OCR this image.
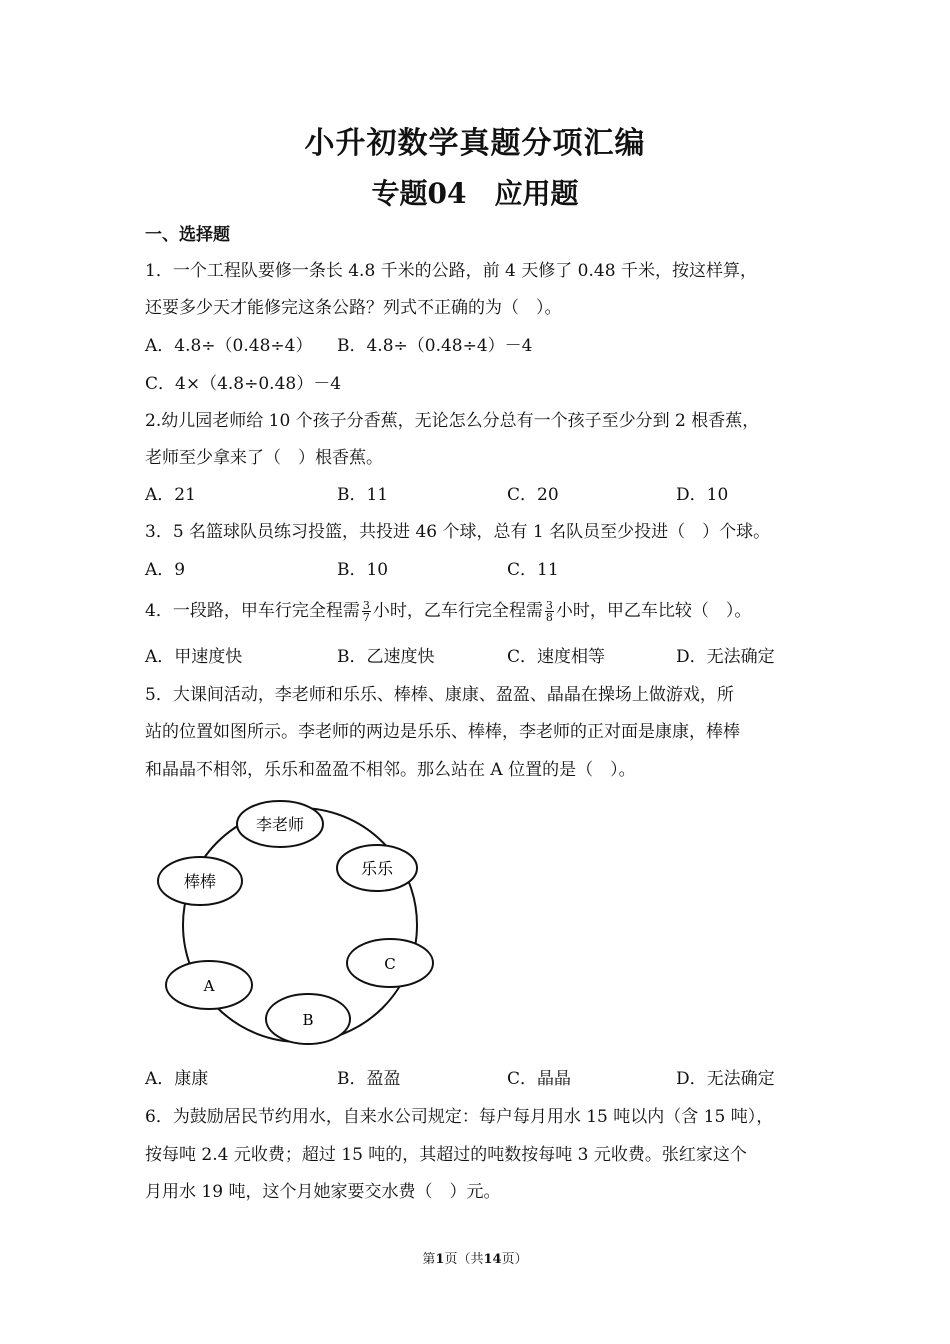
小升初数学真题分项汇编
专题04　应用题
一、选择题
1．一个工程队要修一条长 4.8 千米的公路，前 4 天修了 0.48 千米，按这样算，
还要多少天才能修完这条公路？列式不正确的为（　）。
A．4.8÷（0.48÷4） B．4.8÷（0.48÷4）－4
C．4×（4.8÷0.48）－4
2.幼儿园老师给 10 个孩子分香蕉，无论怎么分总有一个孩子至少分到 2 根香蕉，
老师至少拿来了（　）根香蕉。
A．21	B．11	C．20	D．10
3．5 名篮球队员练习投篮，共投进 46 个球，总有 1 名队员至少投进（　）个球。
A．9	B．10	C．11
4．一段路，甲车行完全程需 $\frac{3}{7}$ 小时，乙车行完全程需 $\frac{3}{8}$ 小时，甲乙车比较（　）。
A．甲速度快	B．乙速度快	C．速度相等	D．无法确定
5．大课间活动，李老师和乐乐、棒棒、康康、盈盈、晶晶在操场上做游戏，所
站的位置如图所示。李老师的两边是乐乐、棒棒，李老师的正对面是康康，棒棒
和晶晶不相邻，乐乐和盈盈不相邻。那么站在 A 位置的是（　）。
李老师
乐乐
棒棒
C
A
B
A．康康	B．盈盈	C．晶晶	D．无法确定
6．为鼓励居民节约用水，自来水公司规定：每户每月用水 15 吨以内（含 15 吨），
按每吨 2.4 元收费；超过 15 吨的，其超过的吨数按每吨 3 元收费。张红家这个
月用水 19 吨，这个月她家要交水费（　）元。
第1页（共14页）
